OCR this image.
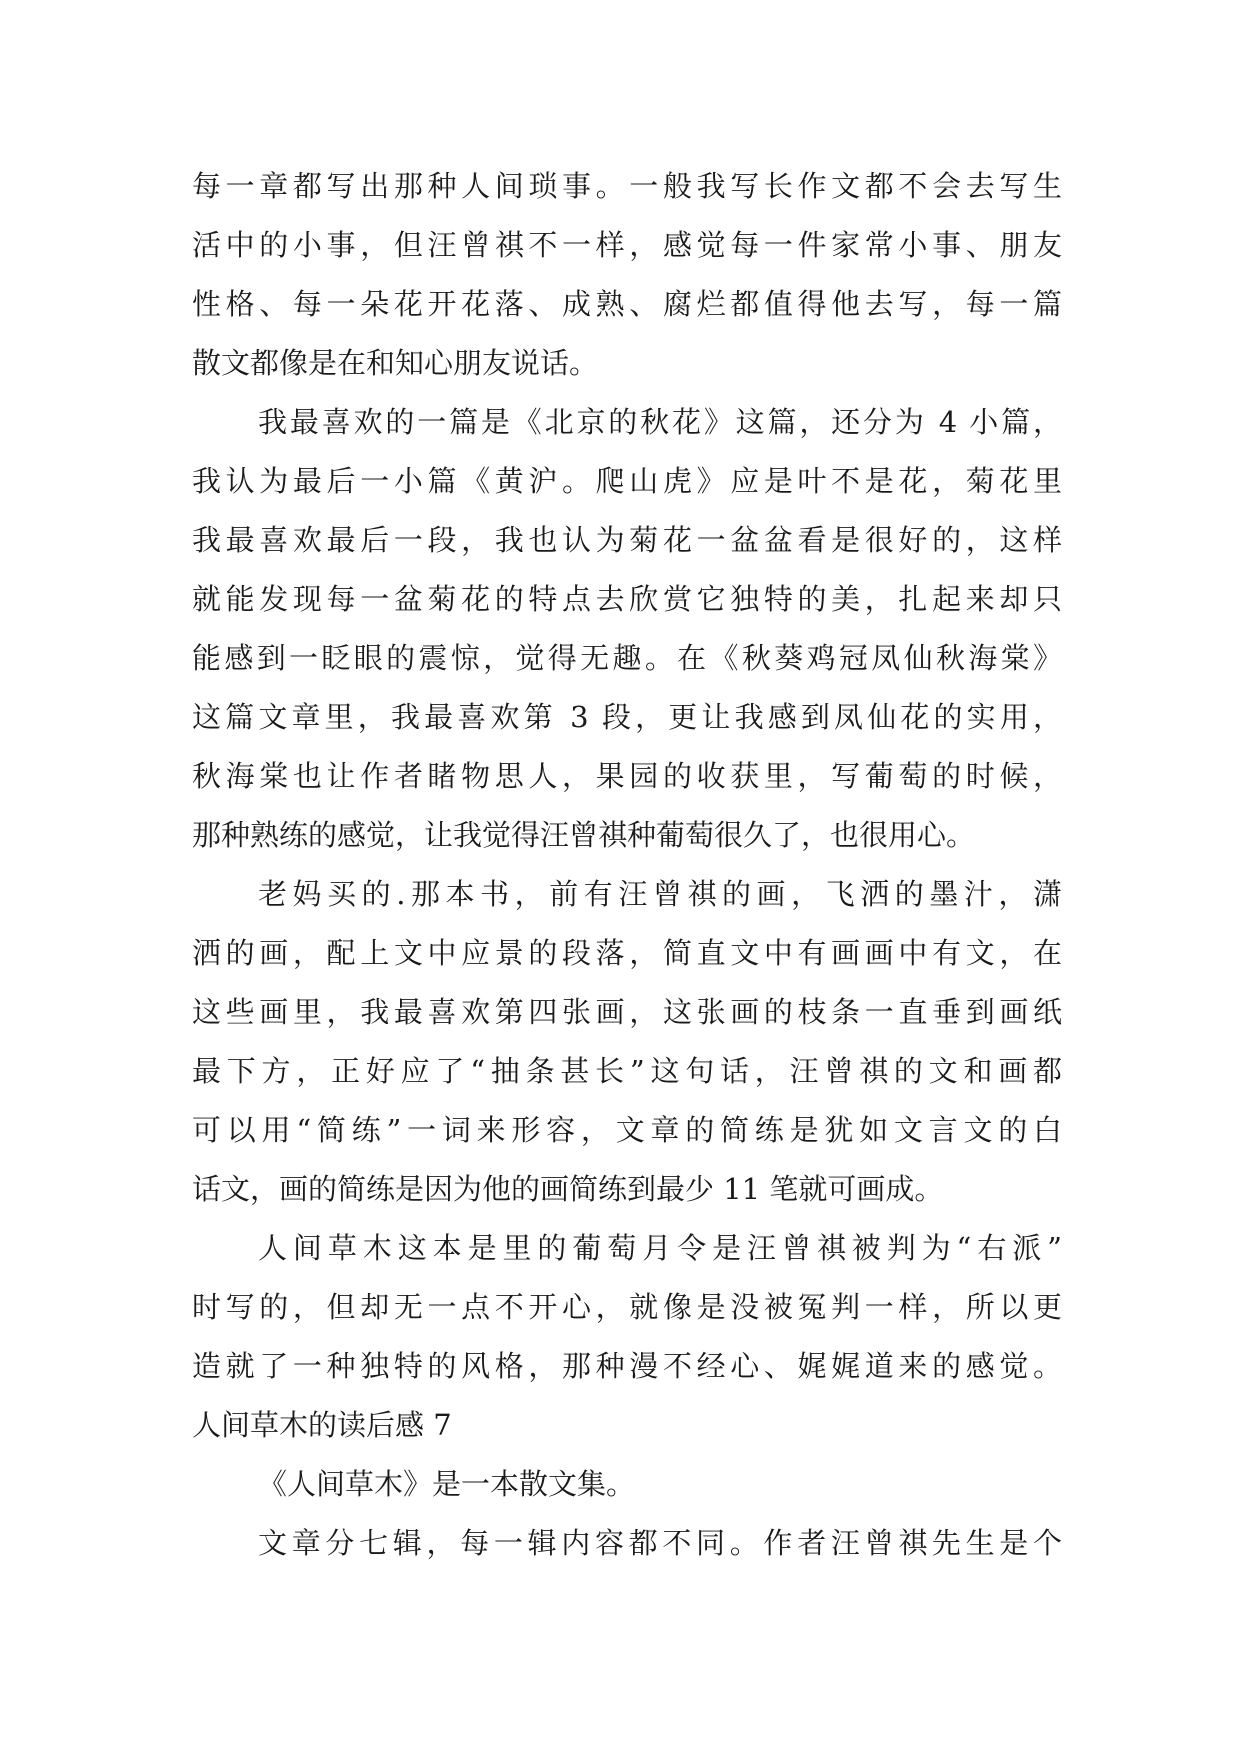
每一章都写出那种人间琐事。一般我写长作文都不会去写生
活中的小事，但汪曾祺不一样，感觉每一件家常小事、朋友
性格、每一朵花开花落、成熟、腐烂都值得他去写，每一篇
散文都像是在和知心朋友说话。
我最喜欢的一篇是《北京的秋花》这篇，还分为 4 小篇，
我认为最后一小篇《黄沪。爬山虎》应是叶不是花，菊花里
我最喜欢最后一段，我也认为菊花一盆盆看是很好的，这样
就能发现每一盆菊花的特点去欣赏它独特的美，扎起来却只
能感到一眨眼的震惊，觉得无趣。在《秋葵鸡冠凤仙秋海棠》
这篇文章里，我最喜欢第 3 段，更让我感到凤仙花的实用，
秋海棠也让作者睹物思人，果园的收获里，写葡萄的时候，
那种熟练的感觉，让我觉得汪曾祺种葡萄很久了，也很用心。
老妈买的.那本书，前有汪曾祺的画，飞洒的墨汁，潇
洒的画，配上文中应景的段落，简直文中有画画中有文，在
这些画里，我最喜欢第四张画，这张画的枝条一直垂到画纸
最下方，正好应了“抽条甚长”这句话，汪曾祺的文和画都
可以用“简练”一词来形容，文章的简练是犹如文言文的白
话文，画的简练是因为他的画简练到最少 11 笔就可画成。
人间草木这本是里的葡萄月令是汪曾祺被判为“右派”
时写的，但却无一点不开心，就像是没被冤判一样，所以更
造就了一种独特的风格，那种漫不经心、娓娓道来的感觉。
人间草木的读后感 7
《人间草木》是一本散文集。
文章分七辑，每一辑内容都不同。作者汪曾祺先生是个
